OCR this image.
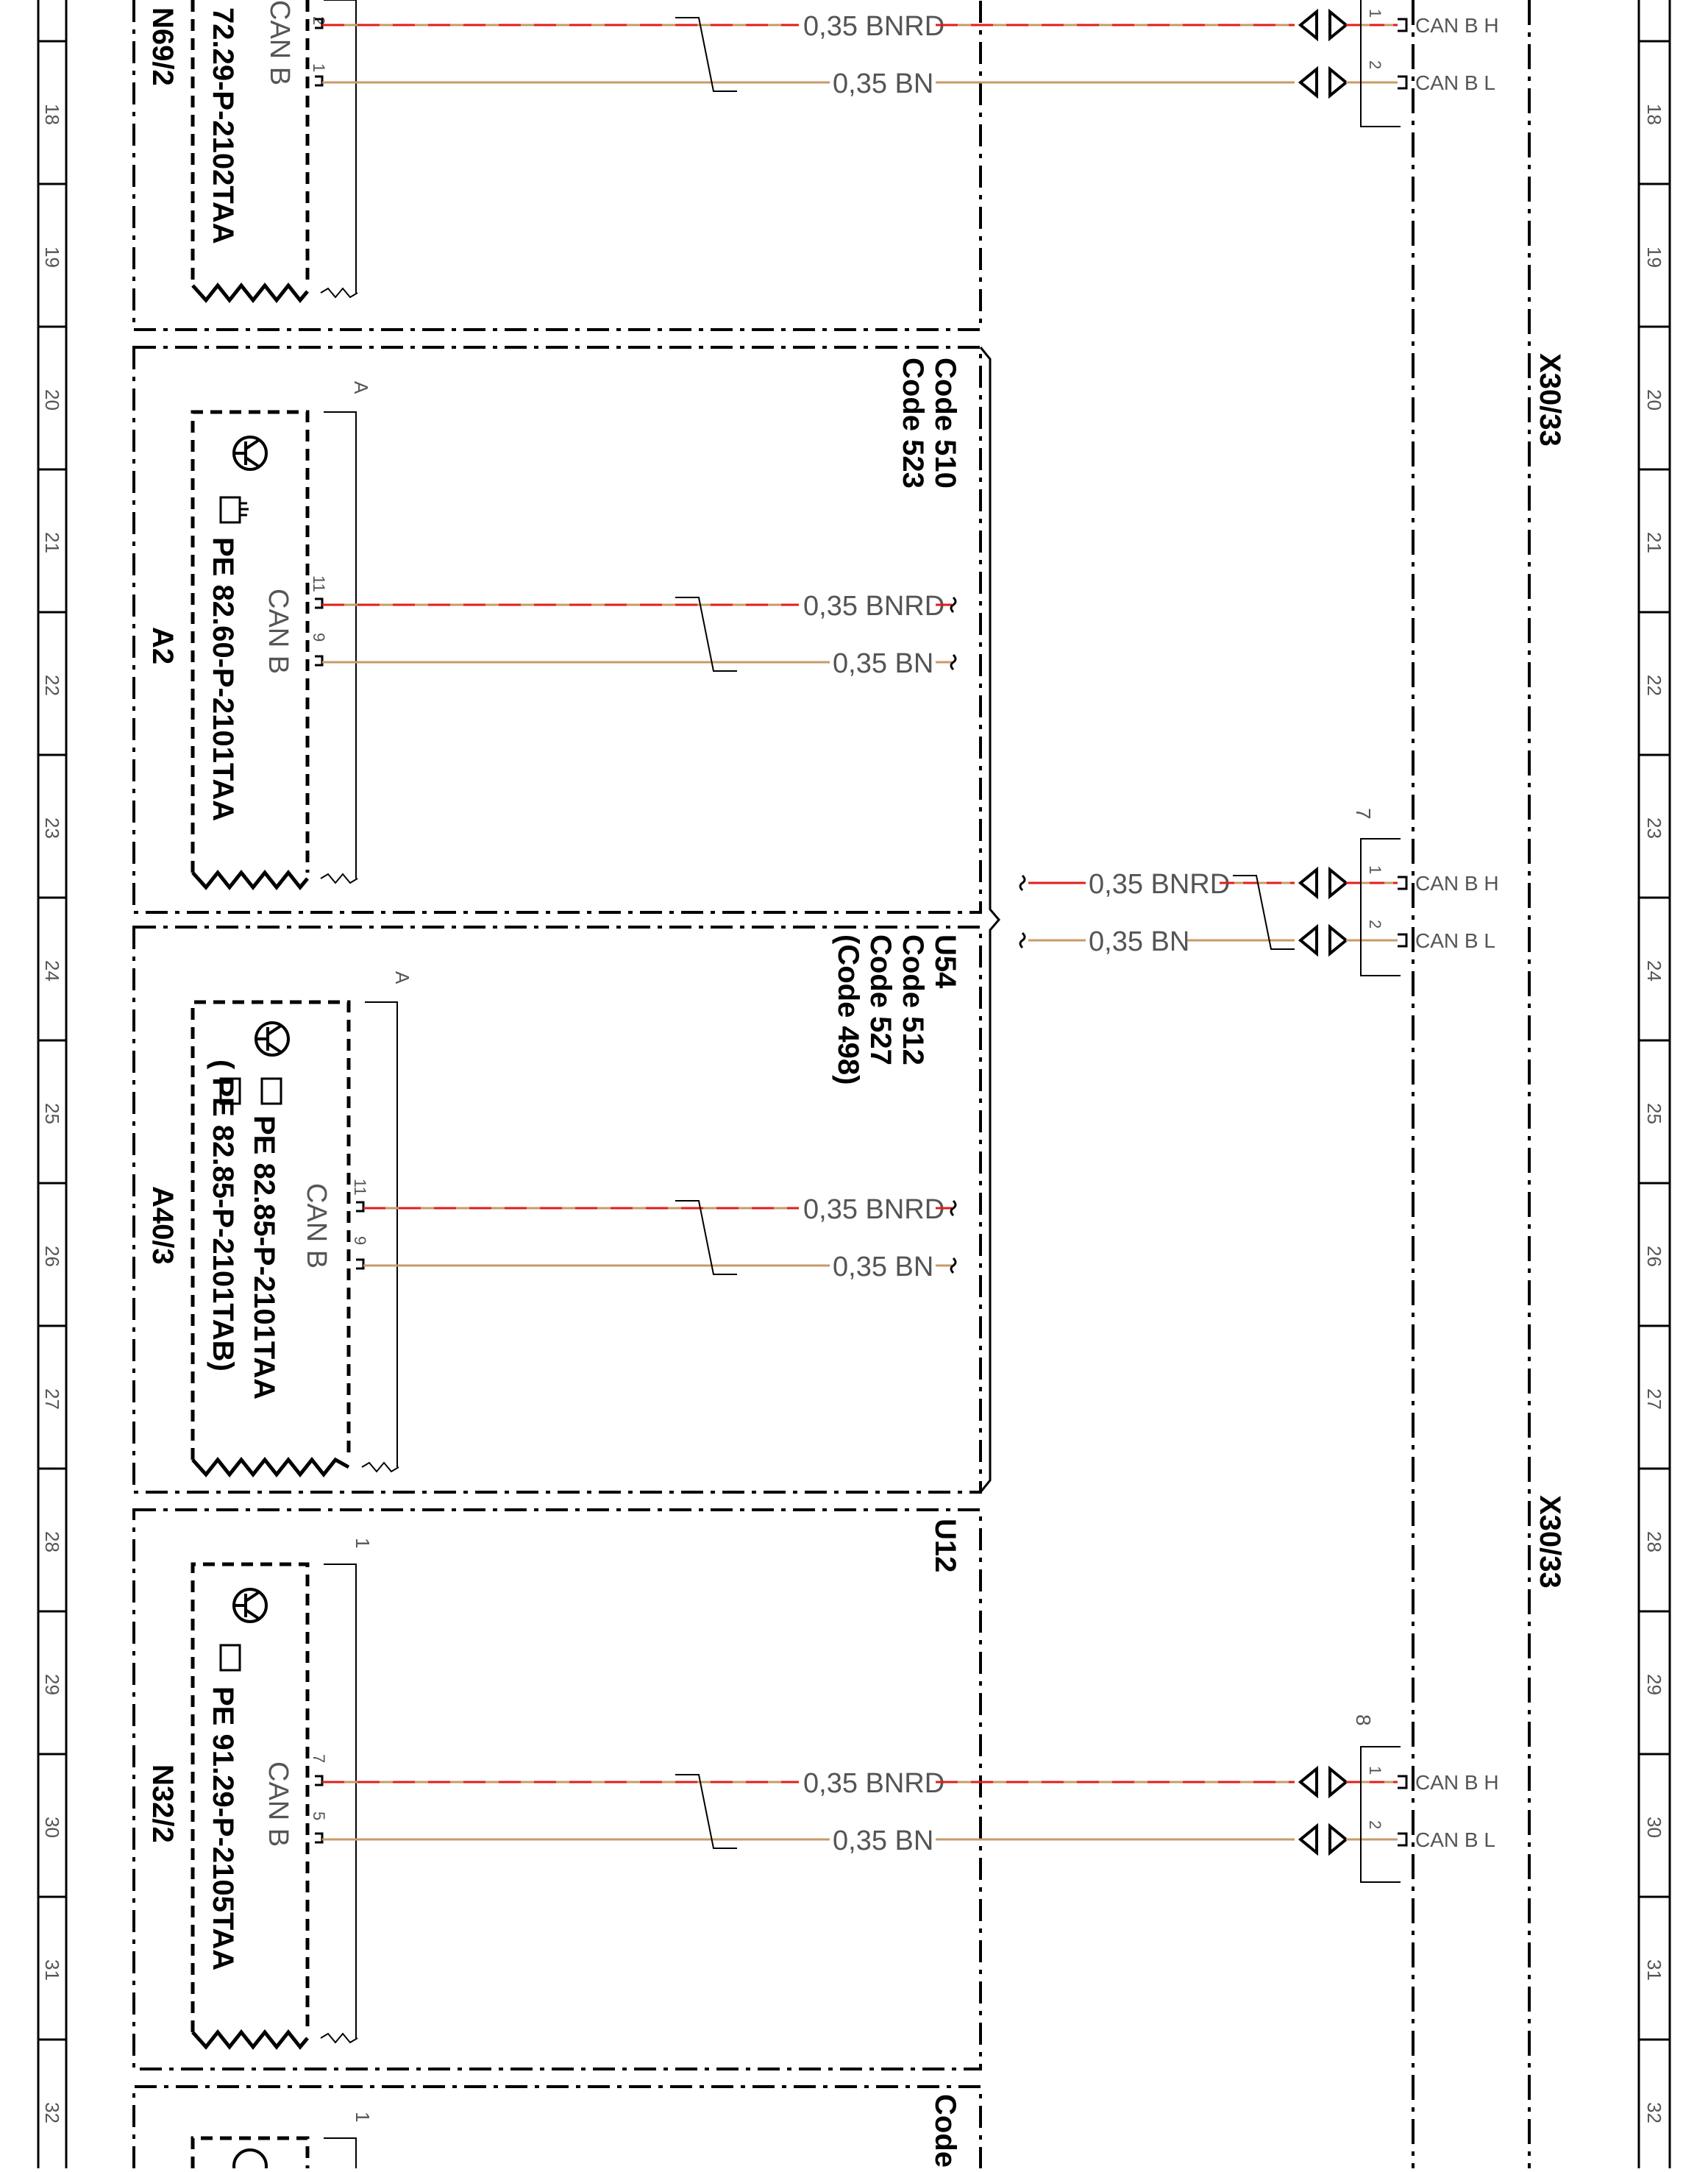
18
19
20
21
22
23
24
25
26
27
28
29
30
31
32
18
19
20
21
22
23
24
25
26
27
28
29
30
31
32
X30/33
X30/33
N69/2 72.29-P-2102TAA CAN B 2
1
0,35 BNRD
0,35 BN
1
2
CAN B H
CAN B L
A2 PE 82.60-P-2101TAA CAN B
A
11
9
Code 510
Code 523
0,35 BNRD
0,35 BN
0,35 BNRD
0,35 BN
7
1
2
CAN B H
CAN B L
A40/3 PE 82.85-P-2101TAA
( PE 82.85-P-2101TAB) CAN B
A
11
9
U54
Code 512
Code 527
(Code 498)
0,35 BNRD
0,35 BN
N32/2 PE 91.29-P-2105TAA CAN B
1
7
5
U12
0,35 BNRD
0,35 BN
8
1
2
CAN B H
CAN B L
1	Code
